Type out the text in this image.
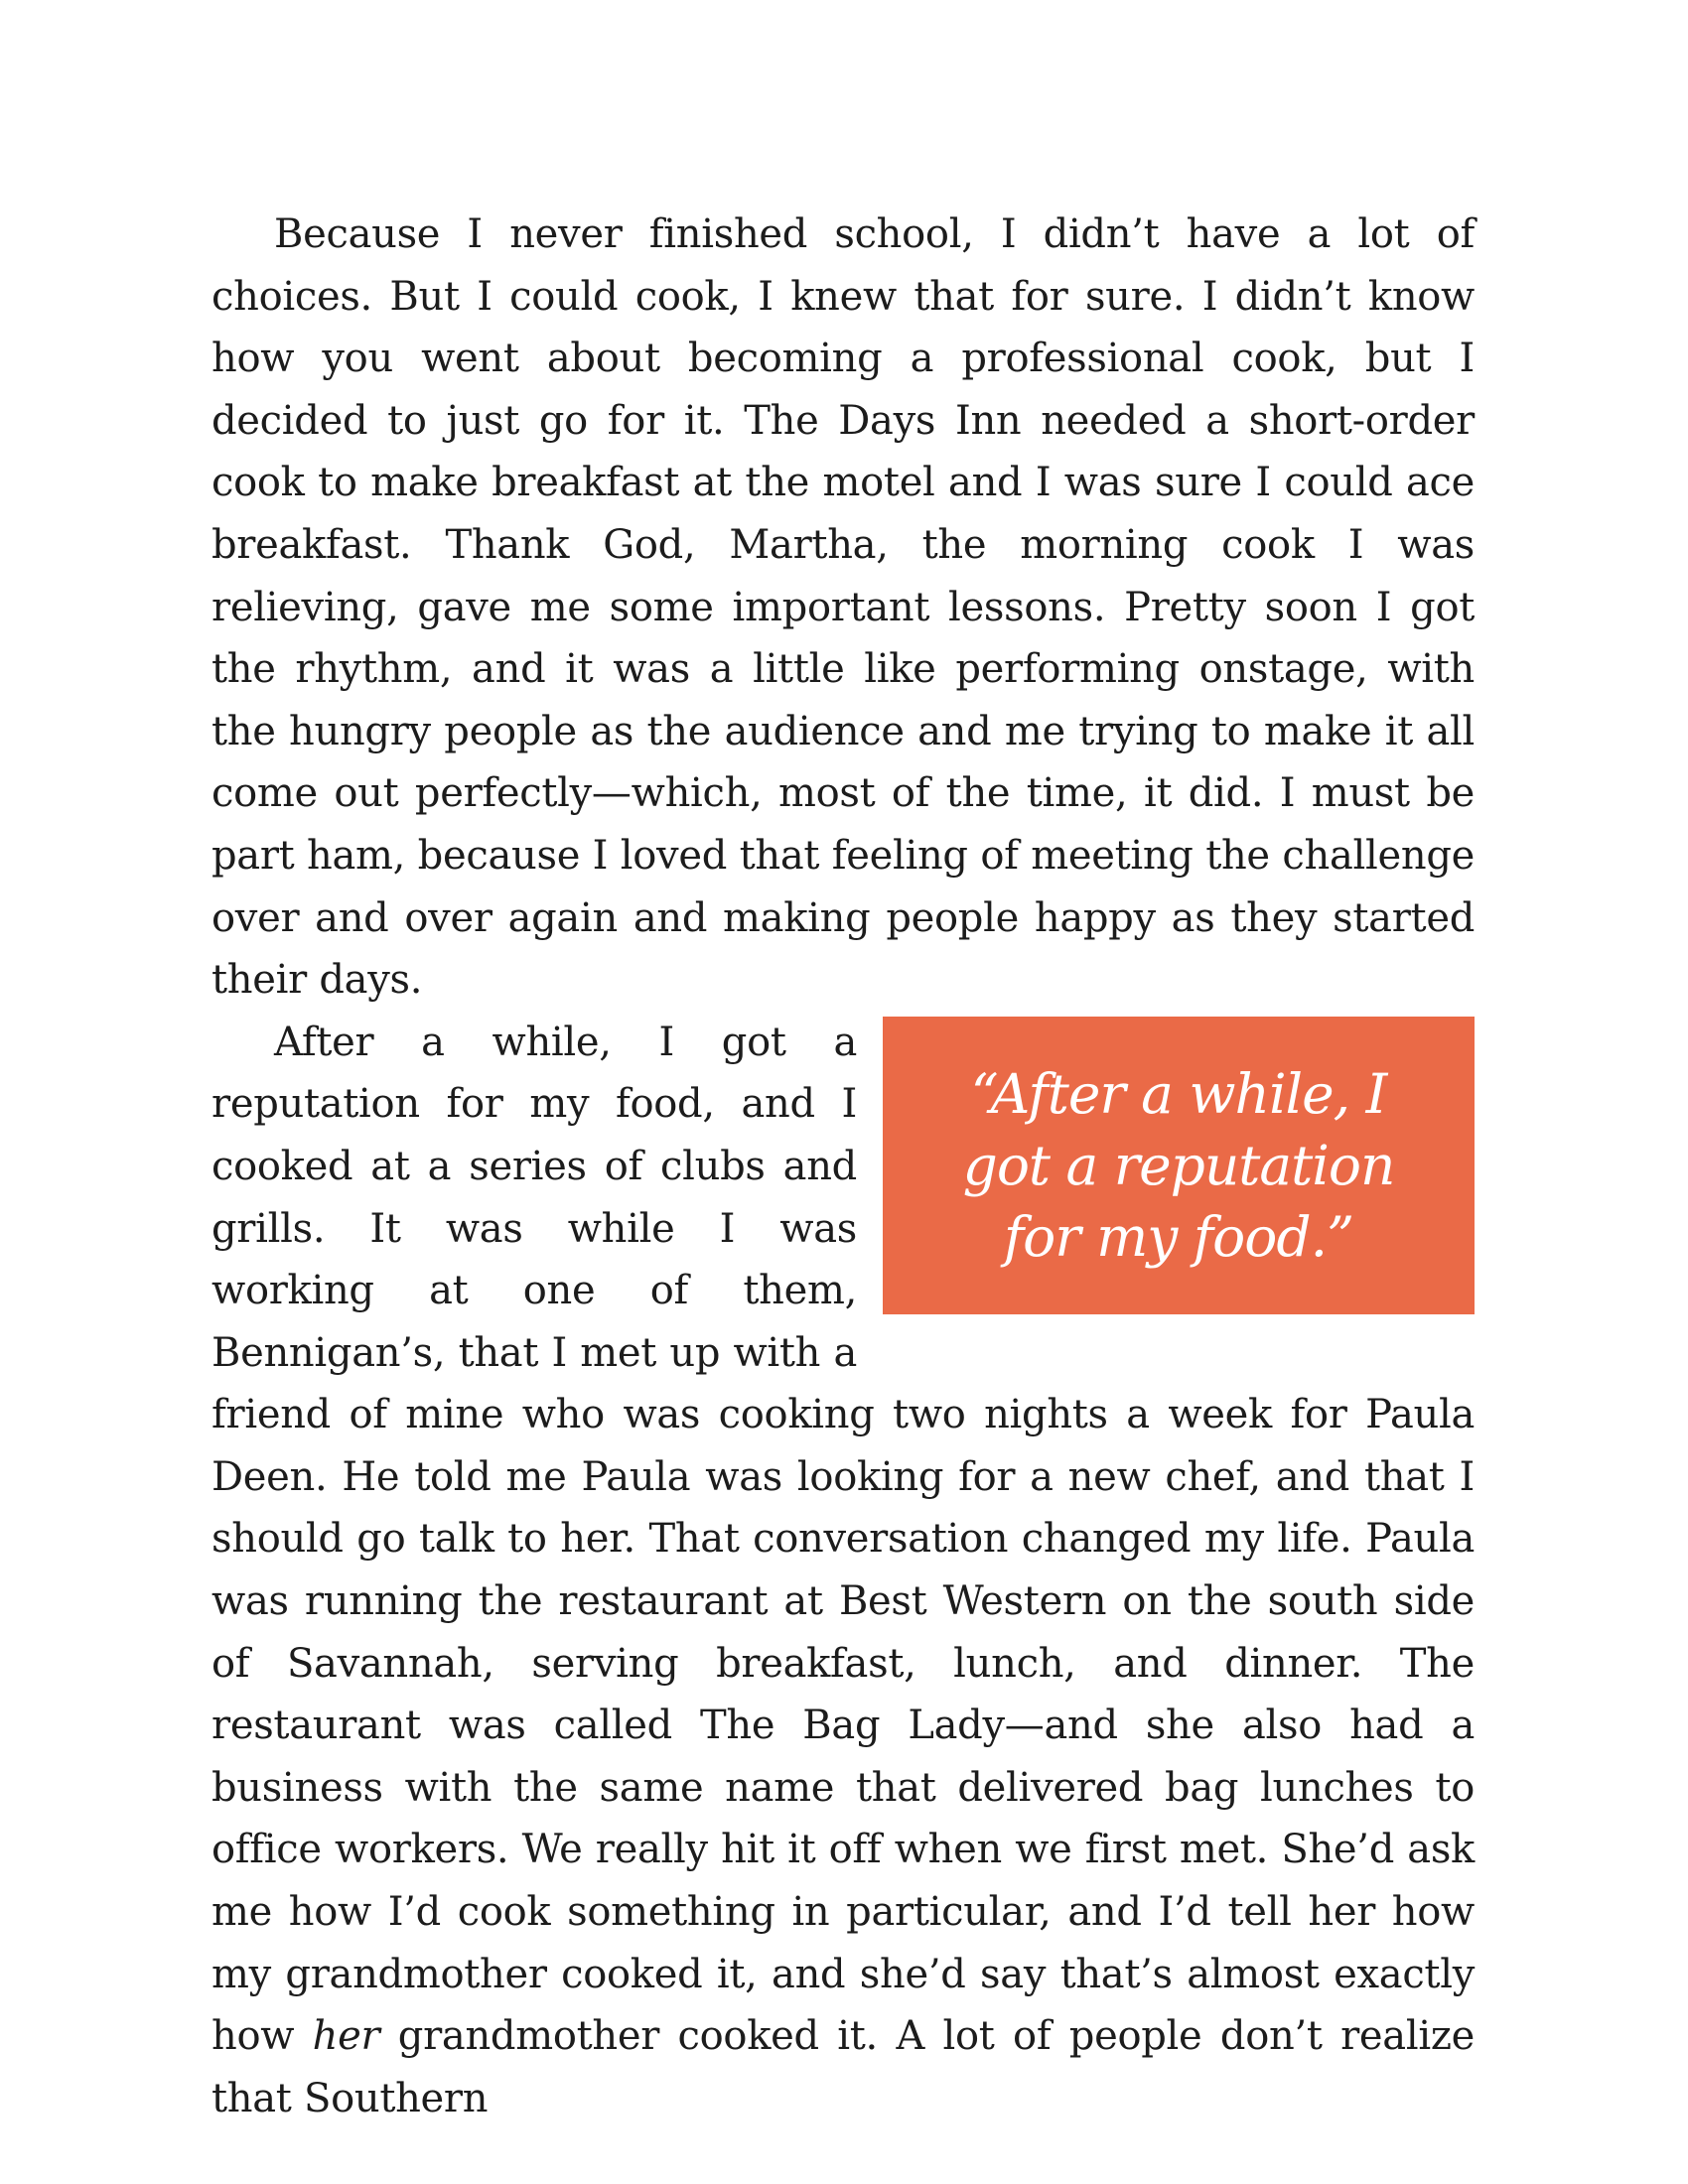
Because I never finished school, I didn’t have a lot of choices. But I could cook, I knew that for sure. I didn’t know how you went about becoming a professional cook, but I decided to just go for it. The Days Inn needed a short-order cook to make breakfast at the motel and I was sure I could ace breakfast. Thank God, Martha, the morning cook I was relieving, gave me some important lessons. Pretty soon I got the rhythm, and it was a little like performing onstage, with the hungry people as the audience and me trying to make it all come out perfectly—which, most of the time, it did. I must be part ham, because I loved that feeling of meeting the challenge over and over again and making people happy as they started their days.

“After a while, I got a reputation for my food.”

After a while, I got a reputation for my food, and I cooked at a series of clubs and grills. It was while I was working at one of them, Bennigan’s, that I met up with a friend of mine who was cooking two nights a week for Paula Deen. He told me Paula was looking for a new chef, and that I should go talk to her. That conversation changed my life. Paula was running the restaurant at Best Western on the south side of Savannah, serving breakfast, lunch, and dinner. The restaurant was called The Bag Lady—and she also had a business with the same name that delivered bag lunches to office workers. We really hit it off when we first met. She’d ask me how I’d cook something in particular, and I’d tell her how my grandmother cooked it, and she’d say that’s almost exactly how her grandmother cooked it. A lot of people don’t realize that Southern
